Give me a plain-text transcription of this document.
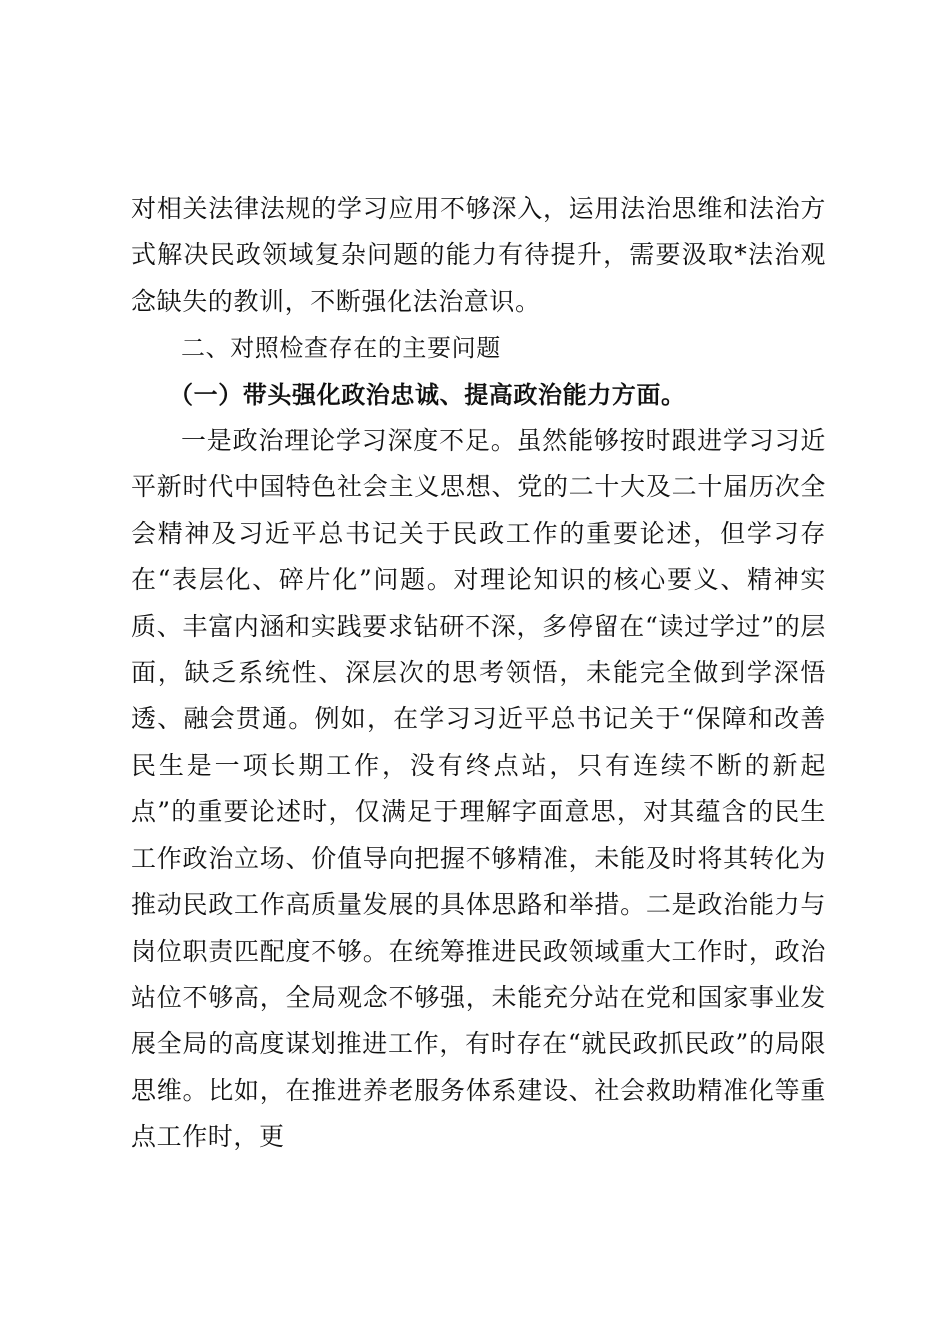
对相关法律法规的学习应用不够深入，运用法治思维和法治方式解决民政领域复杂问题的能力有待提升，需要汲取*法治观念缺失的教训，不断强化法治意识。

二、对照检查存在的主要问题
（一）带头强化政治忠诚、提高政治能力方面。

一是政治理论学习深度不足。虽然能够按时跟进学习习近平新时代中国特色社会主义思想、党的二十大及二十届历次全会精神及习近平总书记关于民政工作的重要论述，但学习存在“表层化、碎片化”问题。对理论知识的核心要义、精神实质、丰富内涵和实践要求钻研不深，多停留在“读过学过”的层面，缺乏系统性、深层次的思考领悟，未能完全做到学深悟透、融会贯通。例如，在学习习近平总书记关于“保障和改善民生是一项长期工作，没有终点站，只有连续不断的新起点”的重要论述时，仅满足于理解字面意思，对其蕴含的民生工作政治立场、价值导向把握不够精准，未能及时将其转化为推动民政工作高质量发展的具体思路和举措。二是政治能力与岗位职责匹配度不够。在统筹推进民政领域重大工作时，政治站位不够高，全局观念不够强，未能充分站在党和国家事业发展全局的高度谋划推进工作，有时存在“就民政抓民政”的局限思维。比如，在推进养老服务体系建设、社会救助精准化等重点工作时，更
